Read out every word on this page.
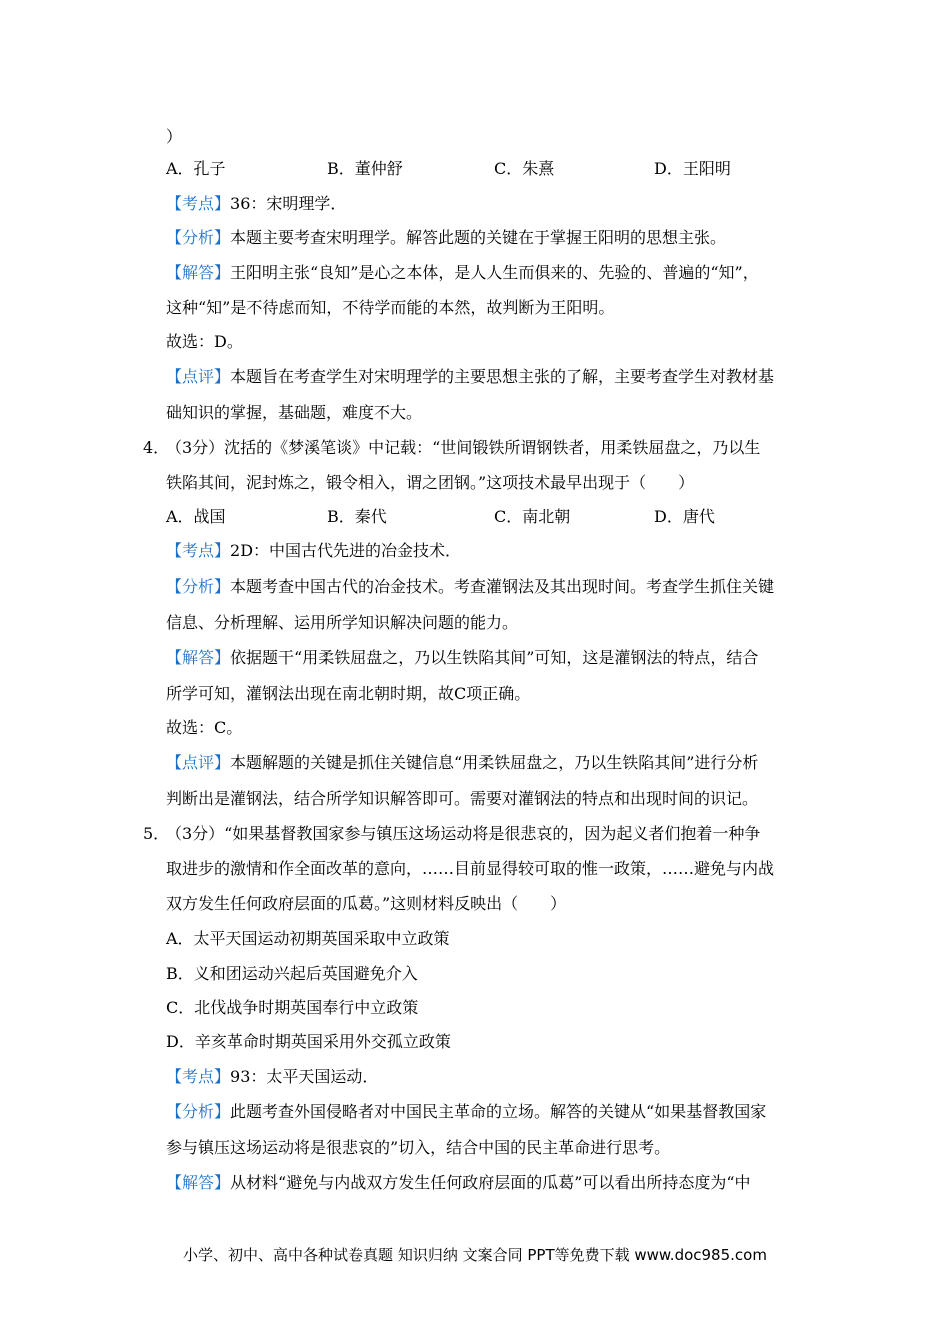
）
A．孔子	B．董仲舒	C．朱熹	D．王阳明
【考点】36：宋明理学．
【分析】本题主要考查宋明理学。解答此题的关键在于掌握王阳明的思想主张。
【解答】王阳明主张“良知”是心之本体，是人人生而俱来的、先验的、普遍的“知”，
这种“知”是不待虑而知，不待学而能的本然，故判断为王阳明。
故选：D。
【点评】本题旨在考查学生对宋明理学的主要思想主张的了解，主要考查学生对教材基
础知识的掌握，基础题，难度不大。
4．
（3分）沈括的《梦溪笔谈》中记载：“世间锻铁所谓钢铁者，用柔铁屈盘之，乃以生
铁陷其间，泥封炼之，锻令相入，谓之团钢。”这项技术最早出现于（　　）
A．战国	B．秦代	C．南北朝	D．唐代
【考点】2D：中国古代先进的冶金技术．
【分析】本题考查中国古代的冶金技术。考查灌钢法及其出现时间。考查学生抓住关键
信息、分析理解、运用所学知识解决问题的能力。
【解答】依据题干“用柔铁屈盘之，乃以生铁陷其间”可知，这是灌钢法的特点，结合
所学可知，灌钢法出现在南北朝时期，故C项正确。
故选：C。
【点评】本题解题的关键是抓住关键信息“用柔铁屈盘之，乃以生铁陷其间”进行分析
判断出是灌钢法，结合所学知识解答即可。需要对灌钢法的特点和出现时间的识记。
5．
（3分）“如果基督教国家参与镇压这场运动将是很悲哀的，因为起义者们抱着一种争
取进步的激情和作全面改革的意向，……目前显得较可取的惟一政策，……避免与内战
双方发生任何政府层面的瓜葛。”这则材料反映出（　　）
A．太平天国运动初期英国采取中立政策
B．义和团运动兴起后英国避免介入
C．北伐战争时期英国奉行中立政策
D．辛亥革命时期英国采用外交孤立政策
【考点】93：太平天国运动．
【分析】此题考查外国侵略者对中国民主革命的立场。解答的关键从“如果基督教国家
参与镇压这场运动将是很悲哀的”切入，结合中国的民主革命进行思考。
【解答】从材料“避免与内战双方发生任何政府层面的瓜葛”可以看出所持态度为“中
小学、初中、高中各种试卷真题 知识归纳 文案合同 PPT等免费下载 www.doc985.com
